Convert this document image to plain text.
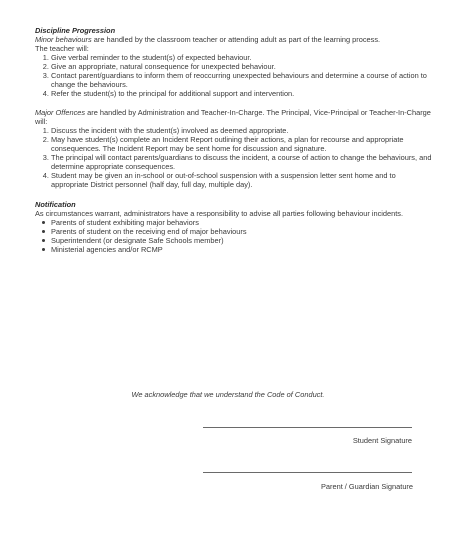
Discipline Progression
Minor behaviours are handled by the classroom teacher or attending adult as part of the learning process.
The teacher will:
1. Give verbal reminder to the student(s) of expected behaviour.
2. Give an appropriate, natural consequence for unexpected behaviour.
3. Contact parent/guardians to inform them of reoccurring unexpected behaviours and determine a course of action to change the behaviours.
4. Refer the student(s) to the principal for additional support and intervention.
Major Offences are handled by Administration and Teacher-In-Charge. The Principal, Vice-Principal or Teacher-In-Charge will:
1. Discuss the incident with the student(s) involved as deemed appropriate.
2. May have student(s) complete an Incident Report outlining their actions, a plan for recourse and appropriate consequences. The Incident Report may be sent home for discussion and signature.
3. The principal will contact parents/guardians to discuss the incident, a course of action to change the behaviours, and determine appropriate consequences.
4. Student may be given an in-school or out-of-school suspension with a suspension letter sent home and to appropriate District personnel (half day, full day, multiple day).
Notification
As circumstances warrant, administrators have a responsibility to advise all parties following behaviour incidents.
Parents of student exhibiting major behaviors
Parents of student on the receiving end of major behaviours
Superintendent (or designate Safe Schools member)
Ministerial agencies and/or RCMP
We acknowledge that we understand the Code of Conduct.
Student Signature
Parent / Guardian Signature
